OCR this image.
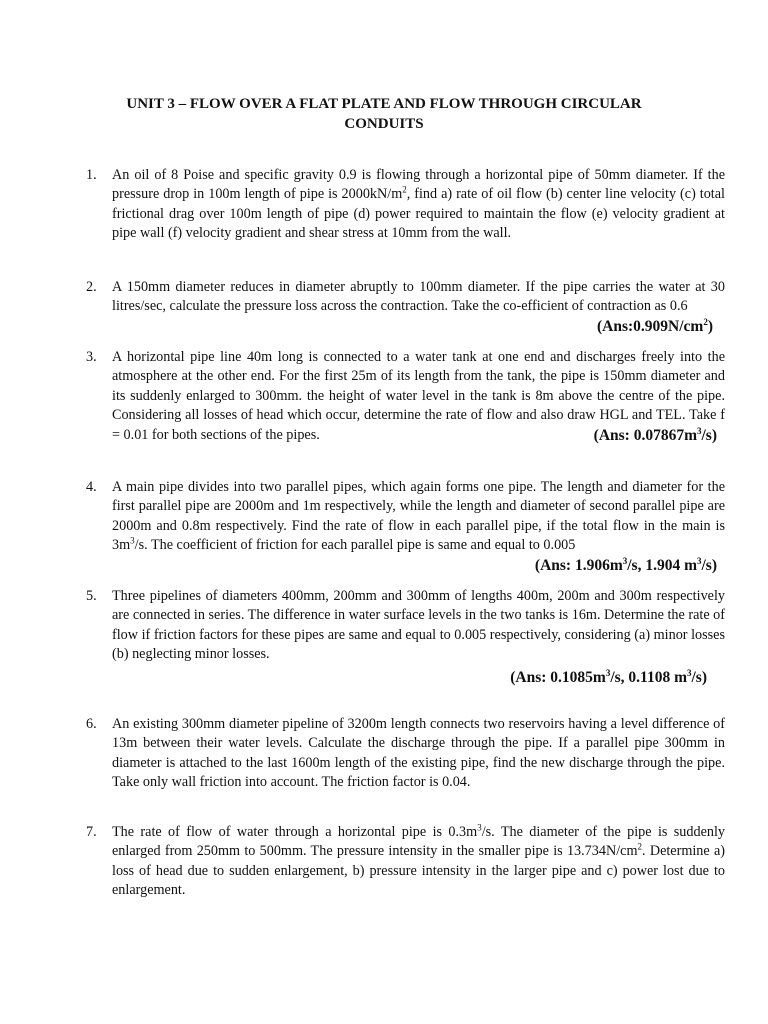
UNIT 3 – FLOW OVER A FLAT PLATE AND FLOW THROUGH CIRCULAR
CONDUITS
1. An oil of 8 Poise and specific gravity 0.9 is flowing through a horizontal pipe of 50mm diameter. If the pressure drop in 100m length of pipe is $2000kN/m^2$, find a) rate of oil flow (b) center line velocity (c) total frictional drag over 100m length of pipe (d) power required to maintain the flow (e) velocity gradient at pipe wall (f) velocity gradient and shear stress at 10mm from the wall.
2. A 150mm diameter reduces in diameter abruptly to 100mm diameter. If the pipe carries the water at 30 litres/sec, calculate the pressure loss across the contraction. Take the co-efficient of contraction as 0.6
$(Ans:0.909N/cm^2)$
3. A horizontal pipe line 40m long is connected to a water tank at one end and discharges freely into the atmosphere at the other end. For the first 25m of its length from the tank, the pipe is 150mm diameter and its suddenly enlarged to 300mm. the height of water level in the tank is 8m above the centre of the pipe. Considering all losses of head which occur, determine the rate of flow and also draw HGL and TEL. Take f = 0.01 for both sections of the pipes.	(Ans: $0.07867m^3/s$)
4. A main pipe divides into two parallel pipes, which again forms one pipe. The length and diameter for the first parallel pipe are 2000m and 1m respectively, while the length and diameter of second parallel pipe are 2000m and 0.8m respectively. Find the rate of flow in each parallel pipe, if the total flow in the main is $3m^3/s$. The coefficient of friction for each parallel pipe is same and equal to 0.005
(Ans: $1.906m^3/s$, 1.904 $m^3/s$)
5. Three pipelines of diameters 400mm, 200mm and 300mm of lengths 400m, 200m and 300m respectively are connected in series. The difference in water surface levels in the two tanks is 16m. Determine the rate of flow if friction factors for these pipes are same and equal to 0.005 respectively, considering (a) minor losses (b) neglecting minor losses.
(Ans: $0.1085m^3/s$, 0.1108 $m^3/s$)
6. An existing 300mm diameter pipeline of 3200m length connects two reservoirs having a level difference of 13m between their water levels. Calculate the discharge through the pipe. If a parallel pipe 300mm in diameter is attached to the last 1600m length of the existing pipe, find the new discharge through the pipe. Take only wall friction into account. The friction factor is 0.04.
7. The rate of flow of water through a horizontal pipe is $0.3m^3/s$. The diameter of the pipe is suddenly enlarged from 250mm to 500mm. The pressure intensity in the smaller pipe is $13.734N/cm^2$. Determine a) loss of head due to sudden enlargement, b) pressure intensity in the larger pipe and c) power lost due to enlargement.
